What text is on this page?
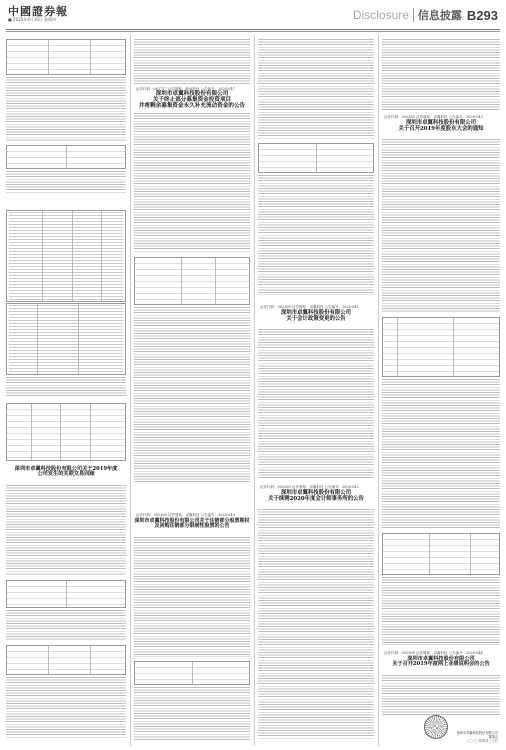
中國證券報
■ 2020年4月30日 星期四	Disclosure 信息披露 B293
深圳市卓翼科技股份有限公司关于2019年度
公司发生的关联交易回顾
证券代码：002717 证券简称：岭南股份 公告编号：2020-047
深圳市卓翼科技股份有限公司
关于终止部分募集资金投资项目
并将剩余募集资金永久补充流动资金的公告
证券代码：002369 证券简称：卓翼科技 公告编号：2020-040
深圳市卓翼科技股份有限公司关于注销部分股票期权
及回购注销部分限制性股票的公告
证券代码：002369 证券简称：卓翼科技 公告编号：2020-041
深圳市卓翼科技股份有限公司
关于会计政策变更的公告
证券代码：002369 证券简称：卓翼科技 公告编号：2020-042
深圳市卓翼科技股份有限公司
关于续聘2020年度会计师事务所的公告
证券代码：002369 证券简称：卓翼科技 公告编号：2020-043
深圳市卓翼科技股份有限公司
关于召开2019年度股东大会的通知
证券代码：002369 证券简称：卓翼科技 公告编号：2020-044
深圳市卓翼科技股份有限公司
关于召开2019年度网上业绩说明会的公告
深圳市卓翼科技股份有限公司
董事会
二〇二〇年四月三十日
